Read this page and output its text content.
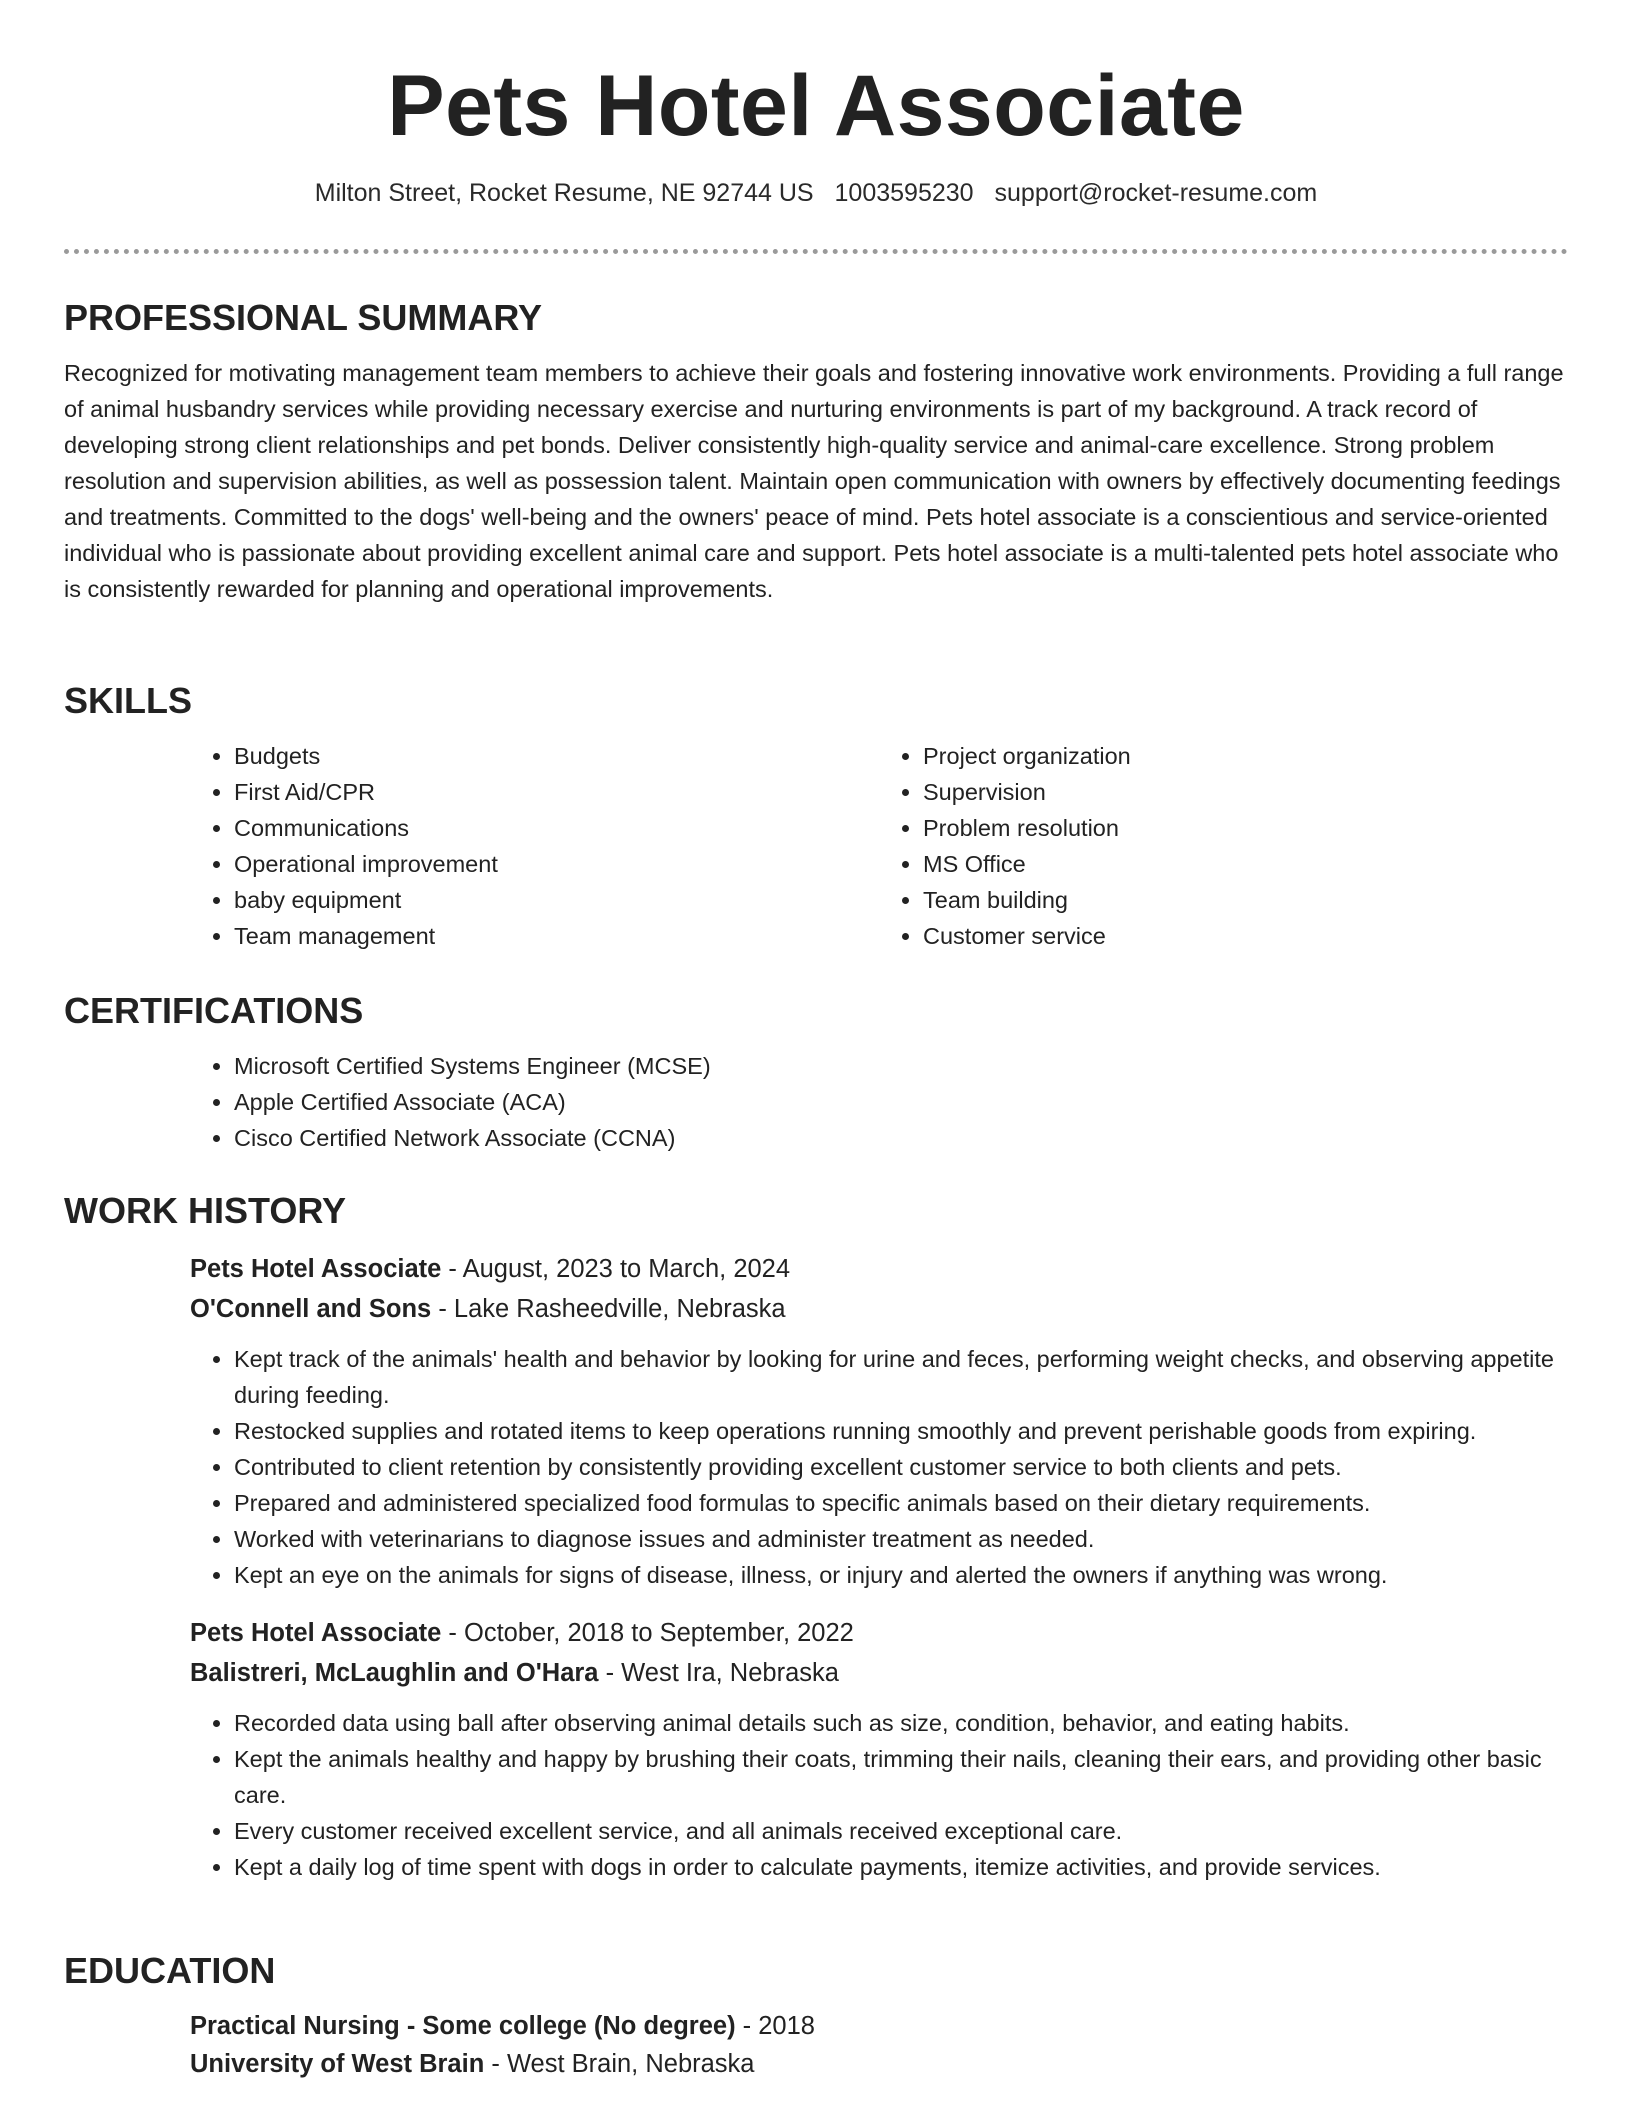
Pets Hotel Associate
Milton Street, Rocket Resume, NE 92744 US 1003595230 support@rocket-resume.com
PROFESSIONAL SUMMARY

Recognized for motivating management team members to achieve their goals and fostering innovative work environments. Providing a full range of animal husbandry services while providing necessary exercise and nurturing environments is part of my background. A track record of developing strong client relationships and pet bonds. Deliver consistently high-quality service and animal-care excellence. Strong problem resolution and supervision abilities, as well as possession talent. Maintain open communication with owners by effectively documenting feedings and treatments. Committed to the dogs' well-being and the owners' peace of mind. Pets hotel associate is a conscientious and service-oriented individual who is passionate about providing excellent animal care and support. Pets hotel associate is a multi-talented pets hotel associate who is consistently rewarded for planning and operational improvements.

SKILLS
• Budgets
• First Aid/CPR
• Communications
• Operational improvement
• baby equipment
• Team management
• Project organization
• Supervision
• Problem resolution
• MS Office
• Team building
• Customer service
CERTIFICATIONS
• Microsoft Certified Systems Engineer (MCSE)
• Apple Certified Associate (ACA)
• Cisco Certified Network Associate (CCNA)
WORK HISTORY
Pets Hotel Associate - August, 2023 to March, 2024
O'Connell and Sons - Lake Rasheedville, Nebraska
• Kept track of the animals' health and behavior by looking for urine and feces, performing weight checks, and observing appetite during feeding.
• Restocked supplies and rotated items to keep operations running smoothly and prevent perishable goods from expiring.
• Contributed to client retention by consistently providing excellent customer service to both clients and pets.
• Prepared and administered specialized food formulas to specific animals based on their dietary requirements.
• Worked with veterinarians to diagnose issues and administer treatment as needed.
• Kept an eye on the animals for signs of disease, illness, or injury and alerted the owners if anything was wrong.
Pets Hotel Associate - October, 2018 to September, 2022
Balistreri, McLaughlin and O'Hara - West Ira, Nebraska
• Recorded data using ball after observing animal details such as size, condition, behavior, and eating habits.
• Kept the animals healthy and happy by brushing their coats, trimming their nails, cleaning their ears, and providing other basic care.
• Every customer received excellent service, and all animals received exceptional care.
• Kept a daily log of time spent with dogs in order to calculate payments, itemize activities, and provide services.
EDUCATION
Practical Nursing - Some college (No degree) - 2018
University of West Brain - West Brain, Nebraska
